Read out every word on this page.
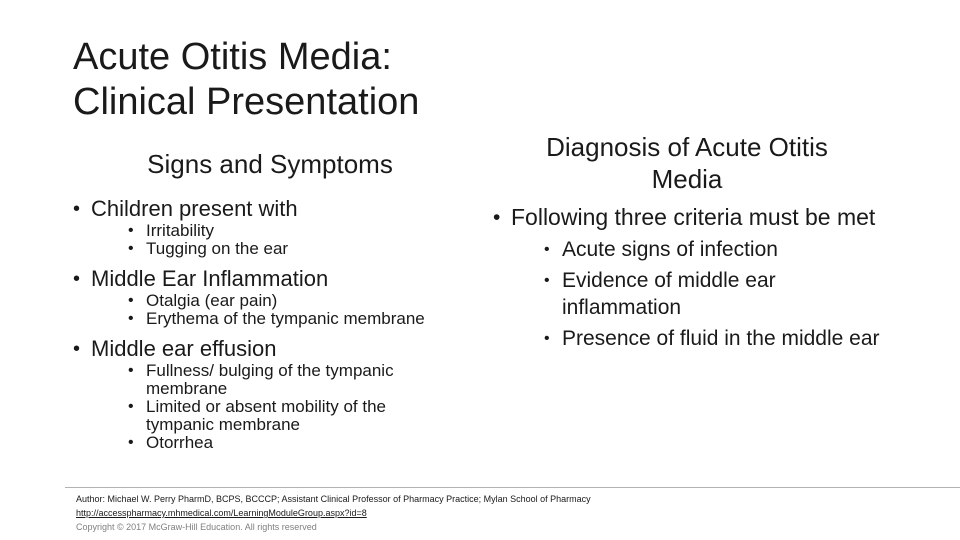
Acute Otitis Media:
Clinical Presentation
Signs and Symptoms
• Children present with
• Irritability
• Tugging on the ear
• Middle Ear Inflammation
• Otalgia (ear pain)
• Erythema of the tympanic membrane
• Middle ear effusion
• Fullness/ bulging of the tympanic membrane
• Limited or absent mobility of the tympanic membrane
• Otorrhea
Diagnosis of Acute Otitis Media
• Following three criteria must be met
• Acute signs of infection
• Evidence of middle ear inflammation
• Presence of fluid in the middle ear
Author: Michael W. Perry PharmD, BCPS, BCCCP; Assistant Clinical Professor of Pharmacy Practice; Mylan School of Pharmacy
http://accesspharmacy.mhmedical.com/LearningModuleGroup.aspx?id=8
Copyright © 2017 McGraw-Hill Education. All rights reserved
